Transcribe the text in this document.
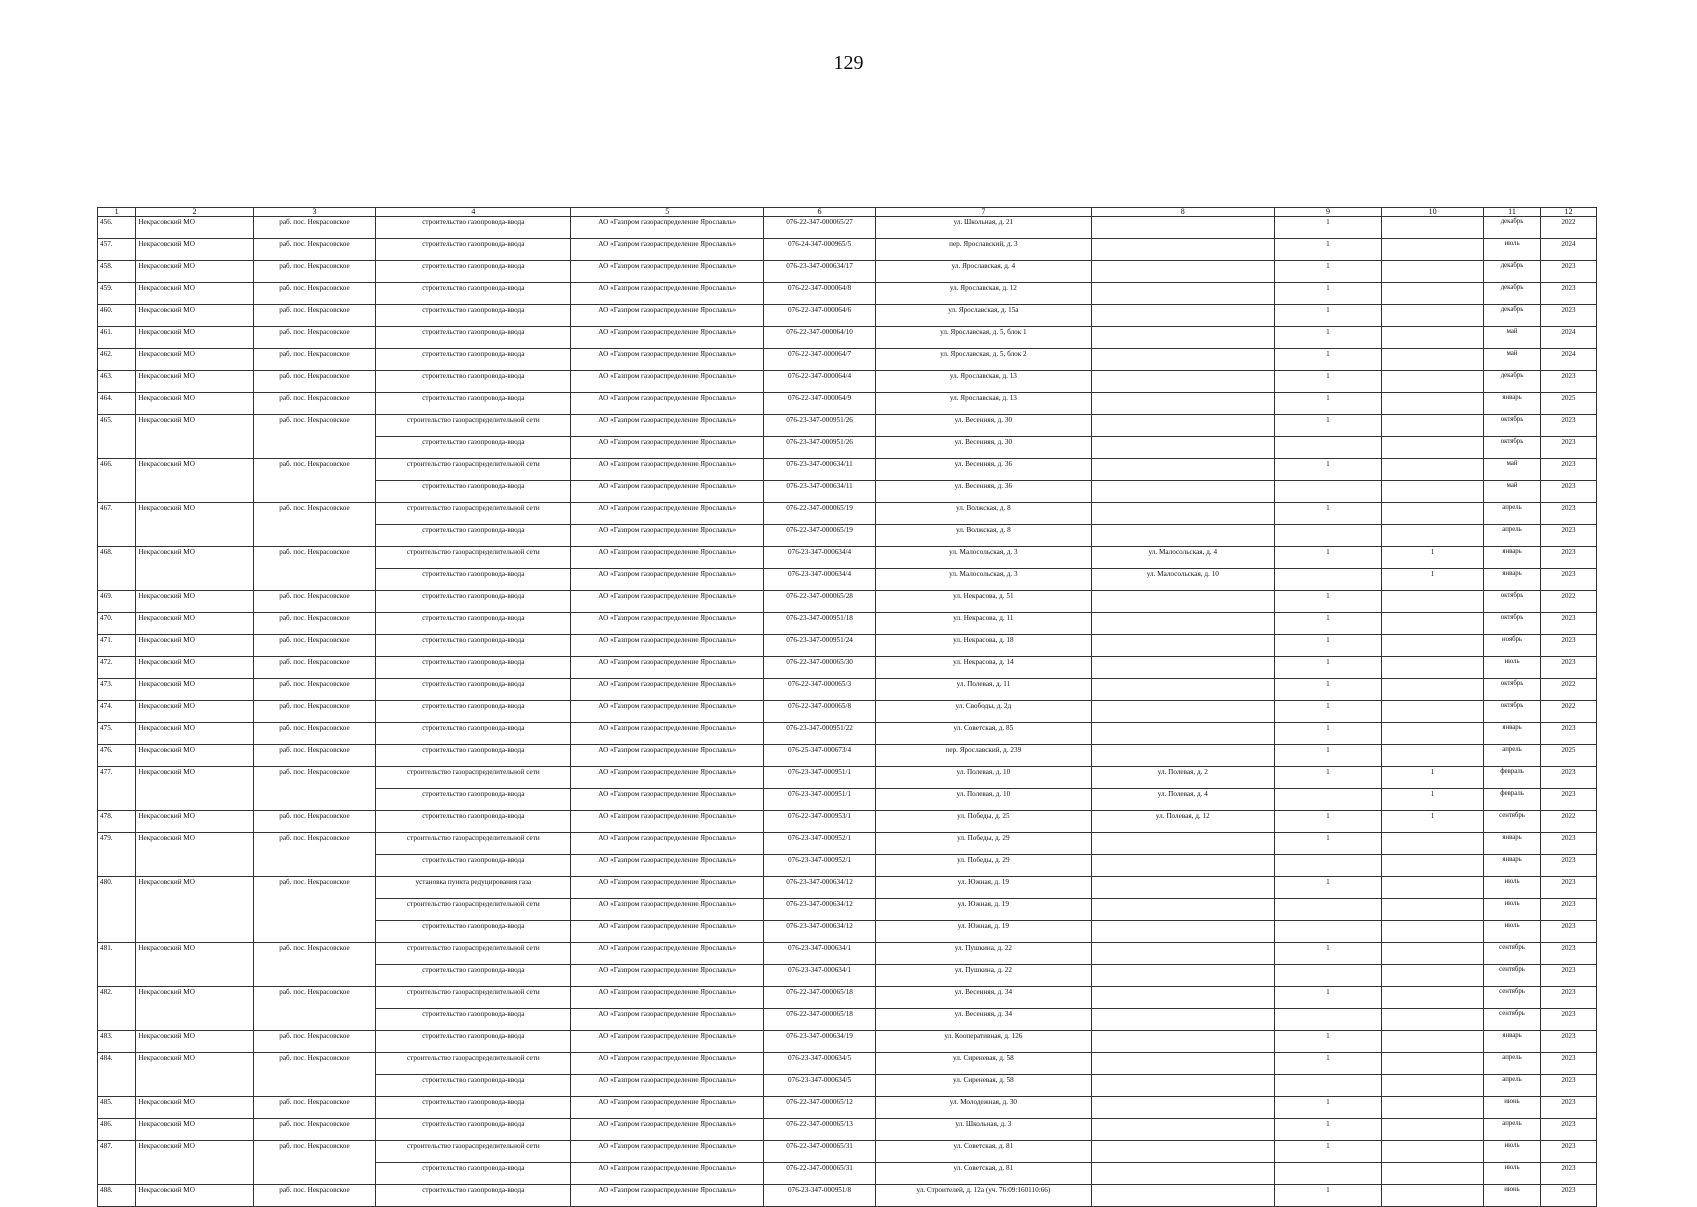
129
1	2	3	4	5	6	7	8	9	10	11	12
456.	Некрасовский МО	раб. пос. Некрасовское	строительство газопровода-ввода	АО «Газпром газораспределение Ярославль»	076-22-347-000065/27	ул. Школьная, д. 21		1		декабрь	2022
457.	Некрасовский МО	раб. пос. Некрасовское	строительство газопровода-ввода	АО «Газпром газораспределение Ярославль»	076-24-347-000965/5	пер. Ярославский, д. 3		1		июль	2024
458.	Некрасовский МО	раб. пос. Некрасовское	строительство газопровода-ввода	АО «Газпром газораспределение Ярославль»	076-23-347-000634/17	ул. Ярославская, д. 4		1		декабрь	2023
459.	Некрасовский МО	раб. пос. Некрасовское	строительство газопровода-ввода	АО «Газпром газораспределение Ярославль»	076-22-347-000064/8	ул. Ярославская, д. 12		1		декабрь	2023
460.	Некрасовский МО	раб. пос. Некрасовское	строительство газопровода-ввода	АО «Газпром газораспределение Ярославль»	076-22-347-000064/6	ул. Ярославская, д. 15а		1		декабрь	2023
461.	Некрасовский МО	раб. пос. Некрасовское	строительство газопровода-ввода	АО «Газпром газораспределение Ярославль»	076-22-347-000064/10	ул. Ярославская, д. 5, блок 1		1		май	2024
462.	Некрасовский МО	раб. пос. Некрасовское	строительство газопровода-ввода	АО «Газпром газораспределение Ярославль»	076-22-347-000064/7	ул. Ярославская, д. 5, блок 2		1		май	2024
463.	Некрасовский МО	раб. пос. Некрасовское	строительство газопровода-ввода	АО «Газпром газораспределение Ярославль»	076-22-347-000064/4	ул. Ярославская, д. 13		1		декабрь	2023
464.	Некрасовский МО	раб. пос. Некрасовское	строительство газопровода-ввода	АО «Газпром газораспределение Ярославль»	076-22-347-000064/9	ул. Ярославская, д. 13		1		январь	2025
465.	Некрасовский МО	раб. пос. Некрасовское	строительство газораспределительной сети	АО «Газпром газораспределение Ярославль»	076-23-347-000951/26	ул. Весенняя, д. 30		1		октябрь	2023
			строительство газопровода-ввода	АО «Газпром газораспределение Ярославль»	076-23-347-000951/26	ул. Весенняя, д. 30				октябрь	2023
466.	Некрасовский МО	раб. пос. Некрасовское	строительство газораспределительной сети	АО «Газпром газораспределение Ярославль»	076-23-347-000634/11	ул. Весенняя, д. 36		1		май	2023
			строительство газопровода-ввода	АО «Газпром газораспределение Ярославль»	076-23-347-000634/11	ул. Весенняя, д. 36				май	2023
467.	Некрасовский МО	раб. пос. Некрасовское	строительство газораспределительной сети	АО «Газпром газораспределение Ярославль»	076-22-347-000065/19	ул. Волжская, д. 8		1		апрель	2023
			строительство газопровода-ввода	АО «Газпром газораспределение Ярославль»	076-22-347-000065/19	ул. Волжская, д. 8				апрель	2023
468.	Некрасовский МО	раб. пос. Некрасовское	строительство газораспределительной сети	АО «Газпром газораспределение Ярославль»	076-23-347-000634/4	ул. Малосольская, д. 3	ул. Малосольская, д. 4	1	1	январь	2023
			строительство газопровода-ввода	АО «Газпром газораспределение Ярославль»	076-23-347-000634/4	ул. Малосольская, д. 3	ул. Малосольская, д. 10		1	январь	2023
469.	Некрасовский МО	раб. пос. Некрасовское	строительство газопровода-ввода	АО «Газпром газораспределение Ярославль»	076-22-347-000065/28	ул. Некрасова, д. 51		1		октябрь	2022
470.	Некрасовский МО	раб. пос. Некрасовское	строительство газопровода-ввода	АО «Газпром газораспределение Ярославль»	076-23-347-000951/18	ул. Некрасова, д. 11		1		октябрь	2023
471.	Некрасовский МО	раб. пос. Некрасовское	строительство газопровода-ввода	АО «Газпром газораспределение Ярославль»	076-23-347-000951/24	ул. Некрасова, д. 18		1		ноябрь	2023
472.	Некрасовский МО	раб. пос. Некрасовское	строительство газопровода-ввода	АО «Газпром газораспределение Ярославль»	076-22-347-000065/30	ул. Некрасова, д. 14		1		июль	2023
473.	Некрасовский МО	раб. пос. Некрасовское	строительство газопровода-ввода	АО «Газпром газораспределение Ярославль»	076-22-347-000065/3	ул. Полевая, д. 11		1		октябрь	2022
474.	Некрасовский МО	раб. пос. Некрасовское	строительство газопровода-ввода	АО «Газпром газораспределение Ярославль»	076-22-347-000065/8	ул. Свободы, д. 2д		1		октябрь	2022
475.	Некрасовский МО	раб. пос. Некрасовское	строительство газопровода-ввода	АО «Газпром газораспределение Ярославль»	076-23-347-000951/22	ул. Советская, д. 85		1		январь	2023
476.	Некрасовский МО	раб. пос. Некрасовское	строительство газопровода-ввода	АО «Газпром газораспределение Ярославль»	076-25-347-000673/4	пер. Ярославский, д. 239		1		апрель	2025
477.	Некрасовский МО	раб. пос. Некрасовское	строительство газораспределительной сети	АО «Газпром газораспределение Ярославль»	076-23-347-000951/1	ул. Полевая, д. 10	ул. Полевая, д. 2	1	1	февраль	2023
			строительство газопровода-ввода	АО «Газпром газораспределение Ярославль»	076-23-347-000951/1	ул. Полевая, д. 10	ул. Полевая, д. 4		1	февраль	2023
478.	Некрасовский МО	раб. пос. Некрасовское	строительство газопровода-ввода	АО «Газпром газораспределение Ярославль»	076-22-347-000953/1	ул. Победы, д. 25	ул. Полевая, д. 12	1	1	сентябрь	2022
479.	Некрасовский МО	раб. пос. Некрасовское	строительство газораспределительной сети	АО «Газпром газораспределение Ярославль»	076-23-347-000952/1	ул. Победы, д. 29		1		январь	2023
			строительство газопровода-ввода	АО «Газпром газораспределение Ярославль»	076-23-347-000952/1	ул. Победы, д. 29				январь	2023
480.	Некрасовский МО	раб. пос. Некрасовское	установка пункта редуцирования газа	АО «Газпром газораспределение Ярославль»	076-23-347-000634/12	ул. Южная, д. 19		1		июль	2023
			строительство газораспределительной сети	АО «Газпром газораспределение Ярославль»	076-23-347-000634/12	ул. Южная, д. 19				июль	2023
			строительство газопровода-ввода	АО «Газпром газораспределение Ярославль»	076-23-347-000634/12	ул. Южная, д. 19				июль	2023
481.	Некрасовский МО	раб. пос. Некрасовское	строительство газораспределительной сети	АО «Газпром газораспределение Ярославль»	076-23-347-000634/1	ул. Пушкина, д. 22		1		сентябрь	2023
			строительство газопровода-ввода	АО «Газпром газораспределение Ярославль»	076-23-347-000634/1	ул. Пушкина, д. 22				сентябрь	2023
482.	Некрасовский МО	раб. пос. Некрасовское	строительство газораспределительной сети	АО «Газпром газораспределение Ярославль»	076-22-347-000065/18	ул. Весенняя, д. 34		1		сентябрь	2023
			строительство газопровода-ввода	АО «Газпром газораспределение Ярославль»	076-22-347-000065/18	ул. Весенняя, д. 34				сентябрь	2023
483.	Некрасовский МО	раб. пос. Некрасовское	строительство газопровода-ввода	АО «Газпром газораспределение Ярославль»	076-23-347-000634/19	ул. Кооперативная, д. 126		1		январь	2023
484.	Некрасовский МО	раб. пос. Некрасовское	строительство газораспределительной сети	АО «Газпром газораспределение Ярославль»	076-23-347-000634/5	ул. Сиреневая, д. 58		1		апрель	2023
			строительство газопровода-ввода	АО «Газпром газораспределение Ярославль»	076-23-347-000634/5	ул. Сиреневая, д. 58				апрель	2023
485.	Некрасовский МО	раб. пос. Некрасовское	строительство газопровода-ввода	АО «Газпром газораспределение Ярославль»	076-22-347-000065/12	ул. Молодежная, д. 30		1		июнь	2023
486.	Некрасовский МО	раб. пос. Некрасовское	строительство газопровода-ввода	АО «Газпром газораспределение Ярославль»	076-22-347-000065/13	ул. Школьная, д. 3		1		апрель	2023
487.	Некрасовский МО	раб. пос. Некрасовское	строительство газораспределительной сети	АО «Газпром газораспределение Ярославль»	076-22-347-000065/31	ул. Советская, д. 81		1		июль	2023
			строительство газопровода-ввода	АО «Газпром газораспределение Ярославль»	076-22-347-000065/31	ул. Советская, д. 81				июль	2023
488.	Некрасовский МО	раб. пос. Некрасовское	строительство газопровода-ввода	АО «Газпром газораспределение Ярославль»	076-23-347-000951/8	ул. Строителей, д. 12а (уч. 76:09:160110:66)		1		июнь	2023
